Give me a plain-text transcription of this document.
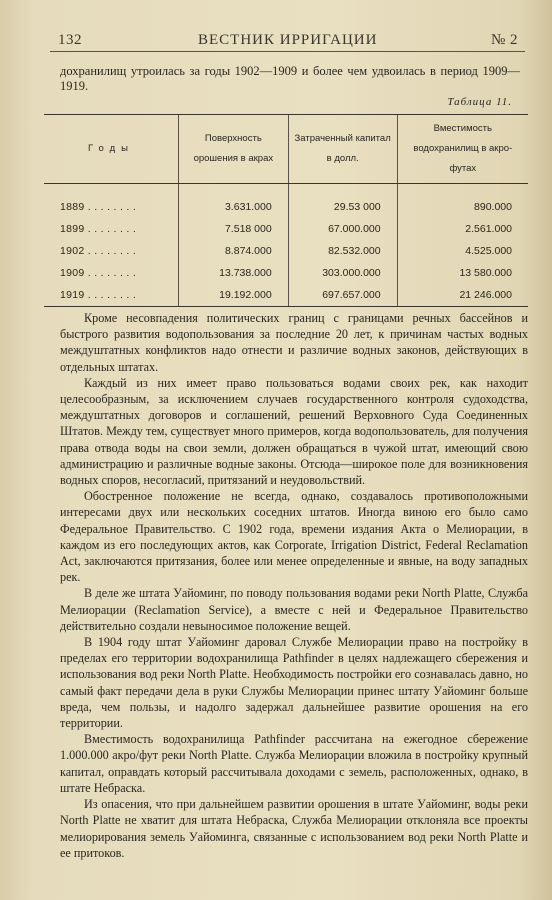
132	ВЕСТНИК ИРРИГАЦИИ	№ 2

дохранилищ утроилась за годы 1902—1909 и более чем удвоилась в период 1909—1919.

Таблица 11.
Годы	Поверхность орошения в акрах	Затраченный капитал в долл.	Вместимость водохранилищ в акро-футах
1889 . . . . . . . .	3.631.000	29.53 000	890.000
1899 . . . . . . . .	7.518 000	67.000.000	2.561.000
1902 . . . . . . . .	8.874.000	82.532.000	4.525.000
1909 . . . . . . . .	13.738.000	303.000.000	13 580.000
1919 . . . . . . . .	19.192.000	697.657.000	21 246.000

Кроме несовпадения политических границ с границами речных бассейнов и быстрого развития водопользования за последние 20 лет, к причинам частых водных междуштатных конфликтов надо отнести и различие водных законов, действующих в отдельных штатах.

Каждый из них имеет право пользоваться водами своих рек, как находит целесообразным, за исключением случаев государственного контроля судоходства, междуштатных договоров и соглашений, решений Верховного Суда Соединенных Штатов. Между тем, существует много примеров, когда водопользователь, для получения права отвода воды на свои земли, должен обращаться в чужой штат, имеющий свою администрацию и различные водные законы. Отсюда—широкое поле для возникновения водных споров, несогласий, притязаний и неудовольствий.

Обостренное положение не всегда, однако, создавалось противоположными интересами двух или нескольких соседних штатов. Иногда виною его было само Федеральное Правительство. С 1902 года, времени издания Акта о Мелиорации, в каждом из его последующих актов, как Corporate, Irrigation District, Federal Reclamation Act, заключаются притязания, более или менее определенные и явные, на воду западных рек.

В деле же штата Уайоминг, по поводу пользования водами реки North Platte, Служба Мелиорации (Reclamation Service), а вместе с ней и Федеральное Правительство действительно создали невыносимое положение вещей.

В 1904 году штат Уайоминг даровал Службе Мелиорации право на постройку в пределах его территории водохранилища Pathfinder в целях надлежащего сбережения и использования вод реки North Platte. Необходимость постройки его сознавалась давно, но самый факт передачи дела в руки Службы Мелиорации принес штату Уайоминг больше вреда, чем пользы, и надолго задержал дальнейшее развитие орошения на его территории.

Вместимость водохранилища Pathfinder рассчитана на ежегодное сбережение 1.000.000 акро/фут реки North Platte. Служба Мелиорации вложила в постройку крупный капитал, оправдать который рассчитывала доходами с земель, расположенных, однако, в штате Небраска.

Из опасения, что при дальнейшем развитии орошения в штате Уайоминг, воды реки North Platte не хватит для штата Небраска, Служба Мелиорации отклоняла все проекты мелиорирования земель Уайоминга, связанные с использованием вод реки North Platte и ее притоков.
